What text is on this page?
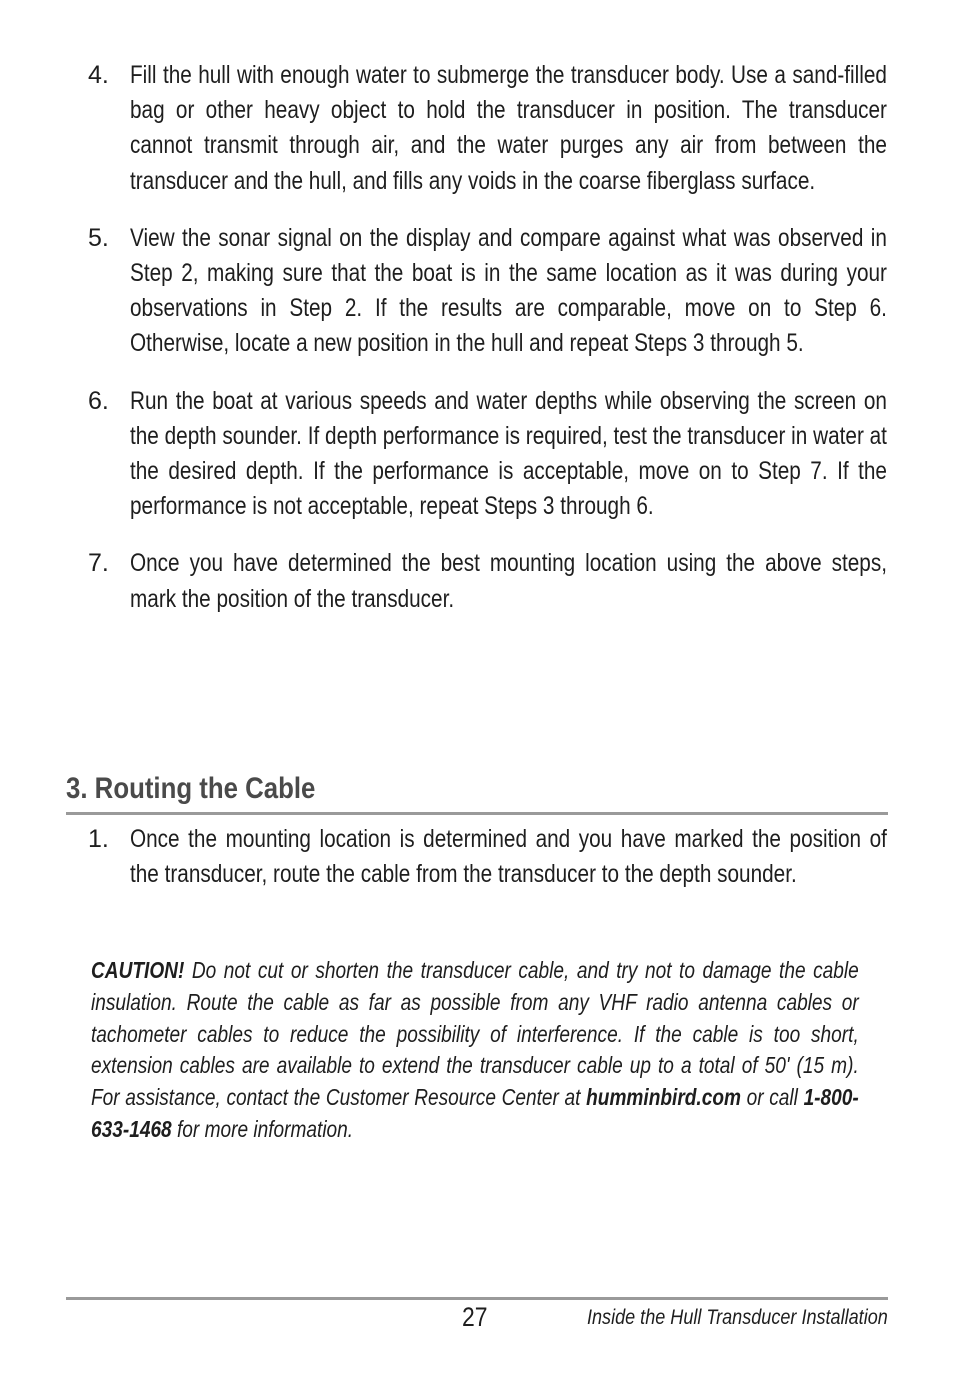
4. Fill the hull with enough water to submerge the transducer body. Use a sand-filled bag or other heavy object to hold the transducer in position. The transducer cannot transmit through air, and the water purges any air from between the transducer and the hull, and fills any voids in the coarse fiberglass surface.
5. View the sonar signal on the display and compare against what was observed in Step 2, making sure that the boat is in the same location as it was during your observations in Step 2. If the results are comparable, move on to Step 6. Otherwise, locate a new position in the hull and repeat Steps 3 through 5.
6. Run the boat at various speeds and water depths while observing the screen on the depth sounder. If depth performance is required, test the transducer in water at the desired depth. If the performance is acceptable, move on to Step 7. If the performance is not acceptable, repeat Steps 3 through 6.
7. Once you have determined the best mounting location using the above steps, mark the position of the transducer.
3. Routing the Cable
1. Once the mounting location is determined and you have marked the position of the transducer, route the cable from the transducer to the depth sounder.

CAUTION! Do not cut or shorten the transducer cable, and try not to damage the cable insulation. Route the cable as far as possible from any VHF radio antenna cables or tachometer cables to reduce the possibility of interference. If the cable is too short, extension cables are available to extend the transducer cable up to a total of 50' (15 m). For assistance, contact the Customer Resource Center at humminbird.com or call 1-800-633-1468 for more information.

27	Inside the Hull Transducer Installation
